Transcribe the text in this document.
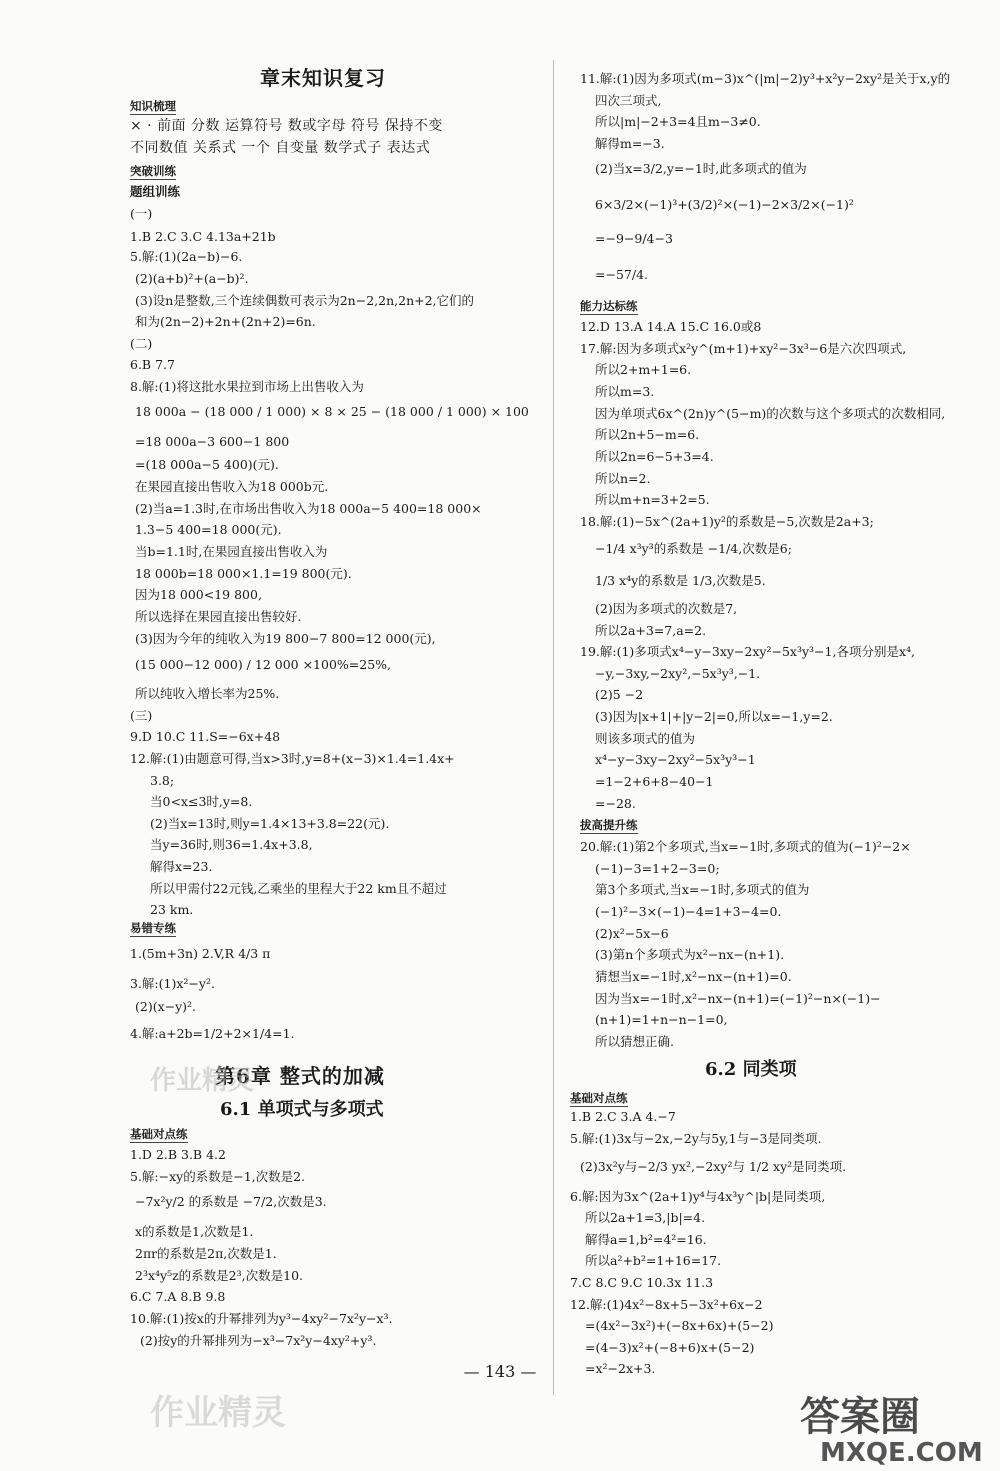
章末知识复习
知识梳理
× · 前面 分数 运算符号 数或字母 符号 保持不变
不同数值 关系式 一个 自变量 数学式子 表达式
突破训练
题组训练
(一)
1.B 2.C 3.C 4.13a+21b
5.解:(1)(2a−b)−6.
(2)(a+b)²+(a−b)².
(3)设n是整数,三个连续偶数可表示为2n−2,2n,2n+2,它们的
和为(2n−2)+2n+(2n+2)=6n.
(二)
6.B 7.7
8.解:(1)将这批水果拉到市场上出售收入为
18 000a − (18 000 / 1 000) × 8 × 25 − (18 000 / 1 000) × 100
=18 000a−3 600−1 800
=(18 000a−5 400)(元).
在果园直接出售收入为18 000b元.
(2)当a=1.3时,在市场出售收入为18 000a−5 400=18 000×
1.3−5 400=18 000(元).
当b=1.1时,在果园直接出售收入为
18 000b=18 000×1.1=19 800(元).
因为18 000<19 800,
所以选择在果园直接出售较好.
(3)因为今年的纯收入为19 800−7 800=12 000(元),
(15 000−12 000) / 12 000 ×100%=25%,
所以纯收入增长率为25%.
(三)
9.D 10.C 11.S=−6x+48
12.解:(1)由题意可得,当x>3时,y=8+(x−3)×1.4=1.4x+
3.8;
当0<x≤3时,y=8.
(2)当x=13时,则y=1.4×13+3.8=22(元).
当y=36时,则36=1.4x+3.8,
解得x=23.
所以甲需付22元钱,乙乘坐的里程大于22 km且不超过
23 km.
易错专练
1.(5m+3n) 2.V,R 4/3 π
3.解:(1)x²−y².
(2)(x−y)².
4.解:a+2b=1/2+2×1/4=1.
第6章 整式的加减
6.1 单项式与多项式
基础对点练
1.D 2.B 3.B 4.2
5.解:−xy的系数是−1,次数是2.
−7x²y/2 的系数是 −7/2,次数是3.
x的系数是1,次数是1.
2πr的系数是2π,次数是1.
2³x⁴y⁵z的系数是2³,次数是10.
6.C 7.A 8.B 9.8
10.解:(1)按x的升幂排列为y³−4xy²−7x²y−x³.
(2)按y的升幂排列为−x³−7x²y−4xy²+y³.
11.解:(1)因为多项式(m−3)x^(|m|−2)y³+x²y−2xy²是关于x,y的
四次三项式,
所以|m|−2+3=4且m−3≠0.
解得m=−3.
(2)当x=3/2,y=−1时,此多项式的值为
6×3/2×(−1)³+(3/2)²×(−1)−2×3/2×(−1)²
=−9−9/4−3
=−57/4.
能力达标练
12.D 13.A 14.A 15.C 16.0或8
17.解:因为多项式x²y^(m+1)+xy²−3x³−6是六次四项式,
所以2+m+1=6.
所以m=3.
因为单项式6x^(2n)y^(5−m)的次数与这个多项式的次数相同,
所以2n+5−m=6.
所以2n=6−5+3=4.
所以n=2.
所以m+n=3+2=5.
18.解:(1)−5x^(2a+1)y²的系数是−5,次数是2a+3;
−1/4 x³y³的系数是 −1/4,次数是6;
1/3 x⁴y的系数是 1/3,次数是5.
(2)因为多项式的次数是7,
所以2a+3=7,a=2.
19.解:(1)多项式x⁴−y−3xy−2xy²−5x³y³−1,各项分别是x⁴,
−y,−3xy,−2xy²,−5x³y³,−1.
(2)5 −2
(3)因为|x+1|+|y−2|=0,所以x=−1,y=2.
则该多项式的值为
x⁴−y−3xy−2xy²−5x³y³−1
=1−2+6+8−40−1
=−28.
拔高提升练
20.解:(1)第2个多项式,当x=−1时,多项式的值为(−1)²−2×
(−1)−3=1+2−3=0;
第3个多项式,当x=−1时,多项式的值为
(−1)²−3×(−1)−4=1+3−4=0.
(2)x²−5x−6
(3)第n个多项式为x²−nx−(n+1).
猜想当x=−1时,x²−nx−(n+1)=0.
因为当x=−1时,x²−nx−(n+1)=(−1)²−n×(−1)−
(n+1)=1+n−n−1=0,
所以猜想正确.
6.2 同类项
基础对点练
1.B 2.C 3.A 4.−7
5.解:(1)3x与−2x,−2y与5y,1与−3是同类项.
(2)3x²y与−2/3 yx²,−2xy²与 1/2 xy²是同类项.
6.解:因为3x^(2a+1)y⁴与4x³y^|b|是同类项,
所以2a+1=3,|b|=4.
解得a=1,b²=4²=16.
所以a²+b²=1+16=17.
7.C 8.C 9.C 10.3x 11.3
12.解:(1)4x²−8x+5−3x²+6x−2
=(4x²−3x²)+(−8x+6x)+(5−2)
=(4−3)x²+(−8+6)x+(5−2)
=x²−2x+3.
— 143 —
作业精灵
作业精灵	答案圈
MXQE.COM
